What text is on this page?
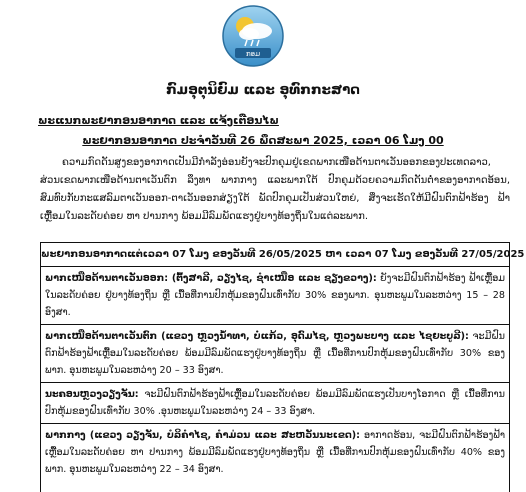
ກອມ
ກົມອຸຕຸນິຍົມ ແລະ ອຸທົກກະສາດ
ພະແນກພະຍາກອນອາກາດ ແລະ ແຈ້ງເຕືອນໄພ
ພະຍາກອນອາກາດ ປະຈຳວັນທີ 26 ພຶດສະພາ 2025, ເວລາ 06 ໂມງ 00
ຄວາມກົດດັນສູງຂອງອາກາດເປັນມີກຳລັງອ່ອນຍັງຈະປົກຄຸມຢູ່ເຂດພາກເໜືອດ້ານຕາເວັນອອກຂອງປະເທດລາວ, ສ່ວນເຂດພາກເໜືອດ້ານຕາເວັນຕົກ ລຶງທາ ພາກກາງ ແລະພາກໃຕ້ ປົກຄຸມດ້ວຍຄວາມກົດດັນຕໍ່າຂອງອາກາດອ້ອນ, ສົມທົບກັບກະແສລົມຕາເວັນອອກ-ຕາເວັນອອກສ່ຽງໃຕ້ ພັດປົກຄຸມເປັນສ່ວນໃຫຍ່, ສິ່ງຈະເຮັດໃຫ້ມີຝົນຕົກຟ້າຮ້ອງ ຟ້າເຫຼື້ອມໃນລະດັບຄ່ອຍ ຫາ ປານກາງ ພ້ອມມີລົມພັດແຮງຢູ່ບາງທ້ອງຖິ່ນໃນແຕ່ລະພາກ.
ພະຍາກອນອາກາດແຕ່ເວລາ 07 ໂມງ ຂອງວັນທີ 26/05/2025 ຫາ ເວລາ 07 ໂມງ ຂອງວັນທີ 27/05/2025
ພາກເໜືອດ້ານຕາເວັນອອກ: (ຕົ້ງສາລີ, ວຽງໄຊ, ຊຳເໜືອ ແລະ ຊຽງຂວາງ): ຍັງຈະມີຝົນຕົກຟ້າຮ້ອງ ຟ້າເຫຼື້ອມໃນລະດັບຄ່ອຍ ຢູ່ບາງທ້ອງຖິ່ນ ຫຼື ເນື້ອທີ່ການປົກຫຸ້ມຂອງຝົນເທົ່າກັບ 30% ຂອງພາກ. ອຸນຫະພູມໃນລະຫວ່າງ 15 – 28 ອົງສາ.
ພາກເໜືອດ້ານຕາເວັນຕົກ (ແຂວງ ຫຼວງນໍ້າທາ, ບໍ່ແກ້ວ, ອຸດົມໄຊ, ຫຼວງພະບາງ ແລະ ໄຊຍະບູລີ): ຈະມີຝົນຕົກຟ້າຮ້ອງຟ້າເຫຼື້ອມໃນລະດັບຄ່ອຍ ພ້ອມມີລົມພັດແຮງຢູ່ບາງທ້ອງຖິ່ນ ຫຼື ເນື້ອທີ່ການປົກຫຸ້ມຂອງຝົນເທົ່າກັບ 30% ຂອງພາກ. ອຸນຫະພູມໃນລະຫວ່າງ 20 – 33 ອົງສາ.
ນະຄອນຫຼວງວຽງຈັນ: ຈະມີຝົນຕົກຟ້າຮ້ອງຟ້າເຫຼື້ອມໃນລະດັບຄ່ອຍ ພ້ອມມີລົມພັດແຮງເປັນບາງໂອກາດ ຫຼື ເນື້ອທີ່ການປົກຫຸ້ມຂອງຝົນເທົ່າກັບ 30% .ອຸນຫະພູມໃນລະຫວ່າງ 24 – 33 ອົງສາ.
ພາກກາງ (ແຂວງ ວຽງຈັນ, ບໍລິຄຳໄຊ, ຄຳມ່ວນ ແລະ ສະຫວັນນະເຂດ): ອາກາດຮ້ອນ, ຈະມີຝົນຕົກຟ້າຮ້ອງຟ້າເຫຼື້ອມໃນລະດັບຄ່ອຍ ຫາ ປານກາງ ພ້ອມມີລົມພັດແຮງຢູ່ບາງທ້ອງຖິ່ນ ຫຼື ເນື້ອທີ່ການປົກຫຸ້ມຂອງຝົນເທົ່າກັບ 40% ຂອງພາກ. ອຸນຫະພູມໃນລະຫວ່າງ 22 – 34 ອົງສາ.
